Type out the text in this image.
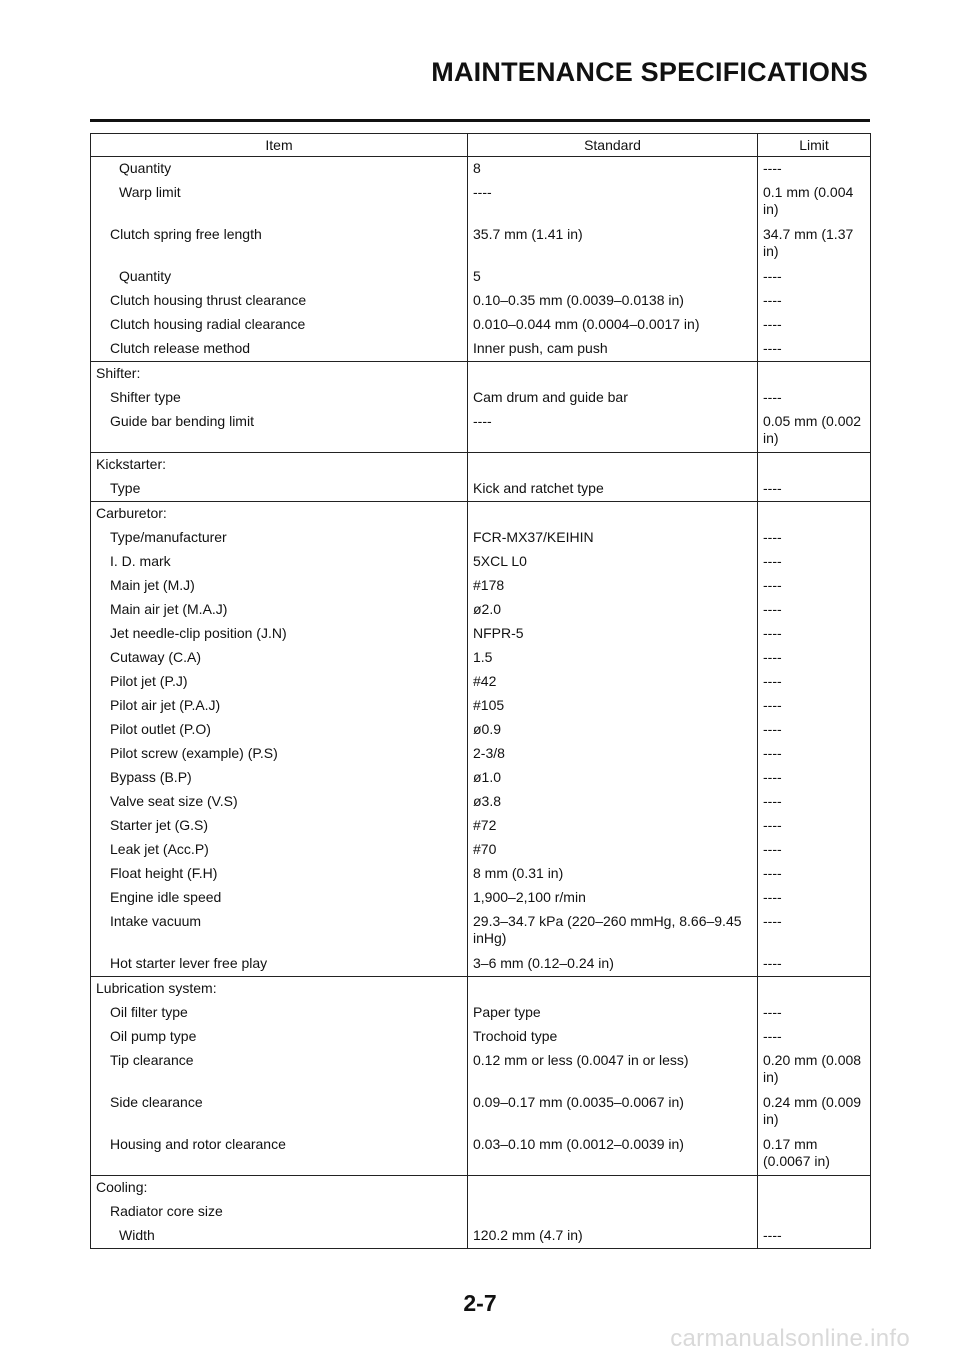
MAINTENANCE SPECIFICATIONS
Item	Standard	Limit
Quantity	8	----
Warp limit	----	0.1 mm (0.004 in)
Clutch spring free length	35.7 mm (1.41 in)	34.7 mm (1.37 in)
Quantity	5	----
Clutch housing thrust clearance	0.10–0.35 mm (0.0039–0.0138 in)	----
Clutch housing radial clearance	0.010–0.044 mm (0.0004–0.0017 in)	----
Clutch release method	Inner push, cam push	----
Shifter:		
Shifter type	Cam drum and guide bar	----
Guide bar bending limit	----	0.05 mm (0.002 in)
Kickstarter:		
Type	Kick and ratchet type	----
Carburetor:		
Type/manufacturer	FCR-MX37/KEIHIN	----
I. D. mark	5XCL L0	----
Main jet (M.J)	#178	----
Main air jet (M.A.J)	ø2.0	----
Jet needle-clip position (J.N)	NFPR-5	----
Cutaway (C.A)	1.5	----
Pilot jet (P.J)	#42	----
Pilot air jet (P.A.J)	#105	----
Pilot outlet (P.O)	ø0.9	----
Pilot screw (example) (P.S)	2-3/8	----
Bypass (B.P)	ø1.0	----
Valve seat size (V.S)	ø3.8	----
Starter jet (G.S)	#72	----
Leak jet (Acc.P)	#70	----
Float height (F.H)	8 mm (0.31 in)	----
Engine idle speed	1,900–2,100 r/min	----
Intake vacuum	29.3–34.7 kPa (220–260 mmHg, 8.66–9.45 inHg)	----
Hot starter lever free play	3–6 mm (0.12–0.24 in)	----
Lubrication system:		
Oil filter type	Paper type	----
Oil pump type	Trochoid type	----
Tip clearance	0.12 mm or less (0.0047 in or less)	0.20 mm (0.008 in)
Side clearance	0.09–0.17 mm (0.0035–0.0067 in)	0.24 mm (0.009 in)
Housing and rotor clearance	0.03–0.10 mm (0.0012–0.0039 in)	0.17 mm (0.0067 in)
Cooling:		
Radiator core size		
Width	120.2 mm (4.7 in)	----
2-7
carmanualsonline.info
